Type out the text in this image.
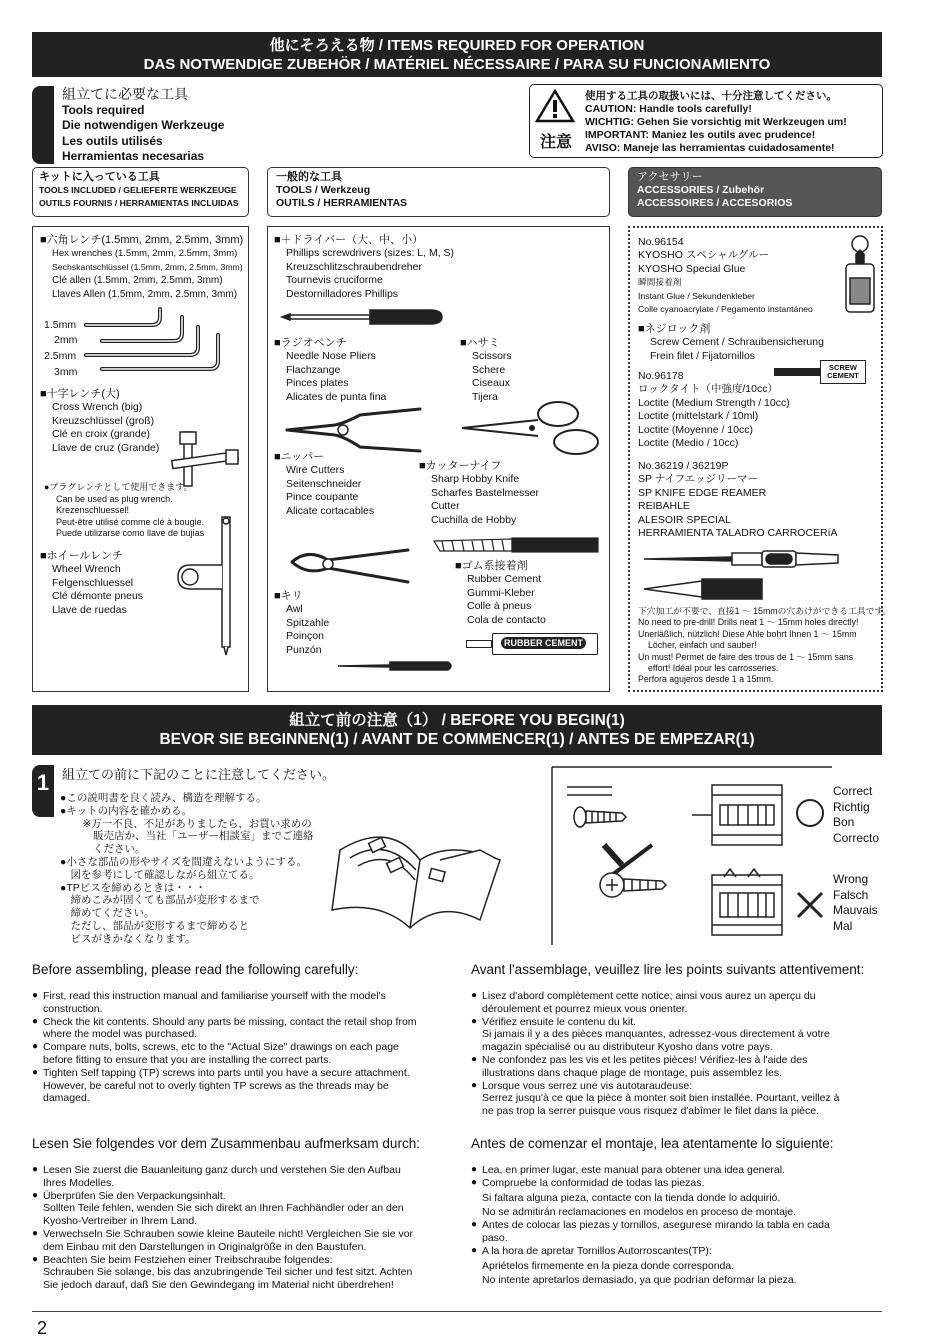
他にそろえる物 / ITEMS REQUIRED FOR OPERATION
DAS NOTWENDIGE ZUBEHÖR / MATÉRIEL NÉCESSAIRE / PARA SU FUNCIONAMIENTO
組立てに必要な工具
Tools required
Die notwendigen Werkzeuge
Les outils utilisés
Herramientas necesarias
注意
使用する工具の取扱いには、十分注意してください。
CAUTION: Handle tools carefully!
WICHTIG: Gehen Sie vorsichtig mit Werkzeugen um!
IMPORTANT: Maniez les outils avec prudence!
AVISO: Maneje las herramientas cuidadosamente!
キットに入っている工具
TOOLS INCLUDED / GELIEFERTE WERKZEUGE
OUTILS FOURNIS / HERRAMIENTAS INCLUIDAS
一般的な工具
TOOLS / Werkzeug
OUTILS / HERRAMIENTAS
アクセサリー
ACCESSORIES / Zubehör
ACCESSOIRES / ACCESORIOS
■六角レンチ(1.5mm, 2mm, 2.5mm, 3mm)
Hex wrenches (1.5mm, 2mm, 2.5mm, 3mm)
Sechskantschlüssel (1.5mm, 2mm, 2.5mm, 3mm)
Clé allen (1.5mm, 2mm, 2.5mm, 3mm)
Llaves Allen (1.5mm, 2mm, 2.5mm, 3mm)
1.5mm
2mm
2.5mm
3mm
■十字レンチ(大)
Cross Wrench (big)
Kreuzschlüssel (groß)
Clé en croix (grande)
Llave de cruz (Grande)
●プラグレンチとして使用できます。
Can be used as plug wrench.
Krezenschluessel!
Peut-être utilisé comme clé à bougie.
Puede utilizarse como llave de bujias
■ホイールレンチ
Wheel Wrench
Felgenschluessel
Clé démonte pneus
Llave de ruedas
■＋ドライバー（大、中、小）
Phillips screwdrivers (sizes: L, M, S)
Kreuzschlitzschraubendreher
Tournevis cruciforme
Destornilladores Phillips
■ラジオペンチ
Needle Nose Pliers
Flachzange
Pinces plates
Alicates de punta fina
■ハサミ
Scissors
Schere
Ciseaux
Tijera
■ニッパー
Wire Cutters
Seitenschneider
Pince coupante
Alicate cortacables
■カッターナイフ
Sharp Hobby Knife
Scharfes Bastelmesser
Cutter
Cuchilla de Hobby
■ゴム系接着剤
Rubber Cement
Gummi-Kleber
Colle à pneus
Cola de contacto
RUBBER CEMENT
■キリ
Awl
Spitzahle
Poinçon
Punzón
No.96154
KYOSHO スペシャルグルー
KYOSHO Special Glue
瞬間接着剤
Instant Glue / Sekundenkleber
Colle cyanoacrylate / Pegamento instantáneo
■ネジロック剤
Screw Cement / Schraubensicherung
Frein filet / Fijatornillos
SCREW CEMENT
No.96178
ロックタイト（中強度/10cc）
Loctite (Medium Strength / 10cc)
Loctite (mittelstark / 10ml)
Loctite (Moyenne / 10cc)
Loctite (Medio / 10cc)
No.36219 / 36219P
SP ナイフエッジリーマー
SP KNIFE EDGE REAMER
REIBAHLE
ALESOIR SPECIAL
HERRAMIENTA TALADRO CARROCERíA
下穴加工が不要で、直接1 ～ 15mmの穴あけができる工具です。
No need to pre-drill! Drills neat 1 ～ 15mm holes directly!
Unerläßlich, nützlich! Diese Ahle bohrt Ihnen 1 ～ 15mm
Löcher, einfach und sauber!
Un must! Permet de faire des trous de 1 ～ 15mm sans
effort! Idéal pour les carrosseries.
Perfora agujeros desde 1 a 15mm.
組立て前の注意（1） / BEFORE YOU BEGIN(1)
BEVOR SIE BEGINNEN(1) / AVANT DE COMMENCER(1) / ANTES DE EMPEZAR(1)
1 組立ての前に下記のことに注意してください。
●この説明書を良く読み、構造を理解する。
●キットの内容を確かめる。
　※万一不良、不足がありましたら、お買い求めの
　　販売店か、当社「ユーザー相談室」までご連絡
　　ください。
●小さな部品の形やサイズを間違えないようにする。
　図を参考にして確認しながら組立てる。
●TPビスを締めるときは・・・
　締めこみが固くても部品が変形するまで
　締めてください。
　ただし、部品が変形するまで締めると
　ビスがきかなくなります。
Correct
Richtig
Bon
Correcto
Wrong
Falsch
Mauvais
Mal
Before assembling, please read the following carefully:
● First, read this instruction manual and familiarise yourself with the model's
construction.
● Check the kit contents. Should any parts be missing, contact the retail shop from
where the model was purchased.
● Compare nuts, bolts, screws, etc to the "Actual Size" drawings on each page
before fitting to ensure that you are installing the correct parts.
● Tighten Self tapping (TP) screws into parts until you have a secure attachment.
However, be careful not to overly tighten TP screws as the threads may be
damaged.
Avant l'assemblage, veuillez lire les points suivants attentivement:
● Lisez d'abord complètement cette notice; ainsi vous aurez un aperçu du
déroulement et pourrez mieux vous orienter.
● Vérifiez ensuite le contenu du kit.
Si jamais il y a des pièces manquantes, adressez-vous directement à votre
magazin spécialisé ou au distributeur Kyosho dans votre pays.
● Ne confondez pas les vis et les petites pièces! Vérifiez-les à l'aide des
illustrations dans chaque plage de montage, puis assemblez les.
● Lorsque vous serrez une vis autotaraudeuse:
Serrez jusqu'à ce que la pièce à monter soit bien installée. Pourtant, veillez à
ne pas trop la serrer puisque vous risquez d'abîmer le filet dans la pièce.
Lesen Sie folgendes vor dem Zusammenbau aufmerksam durch:
● Lesen Sie zuerst die Bauanleitung ganz durch und verstehen Sie den Aufbau
Ihres Modelles.
● Überprüfen Sie den Verpackungsinhalt.
Sollten Teile fehlen, wenden Sie sich direkt an Ihren Fachhändler oder an den
Kyosho-Vertreiber in Ihrem Land.
● Verwechseln Sie Schrauben sowie kleine Bauteile nicht! Vergleichen Sie sie vor
dem Einbau mit den Darstellungen in Originalgröße in den Baustufen.
● Beachten Sie beim Festziehen einer Treibschraube folgendes:
Schrauben Sie solange, bis das anzubringende Teil sicher und fest sitzt. Achten
Sie jedoch darauf, daß Sie den Gewindegang im Material nicht überdrehen!
Antes de comenzar el montaje, lea atentamente lo siguiente:
● Lea, en primer lugar, este manual para obtener una idea general.
● Compruebe la conformidad de todas las piezas.
Si faltara alguna pieza, contacte con la tienda donde lo adquirió.
No se admitirán reclamaciones en modelos en proceso de montaje.
● Antes de colocar las piezas y tornillos, asegurese mirando la tabla en cada
paso.
● A la hora de apretar Tornillos Autorroscantes(TP):
Apriételos firmemente en la pieza donde corresponda.
No intente apretarlos demasiado, ya que podrían deformar la pieza.
2
